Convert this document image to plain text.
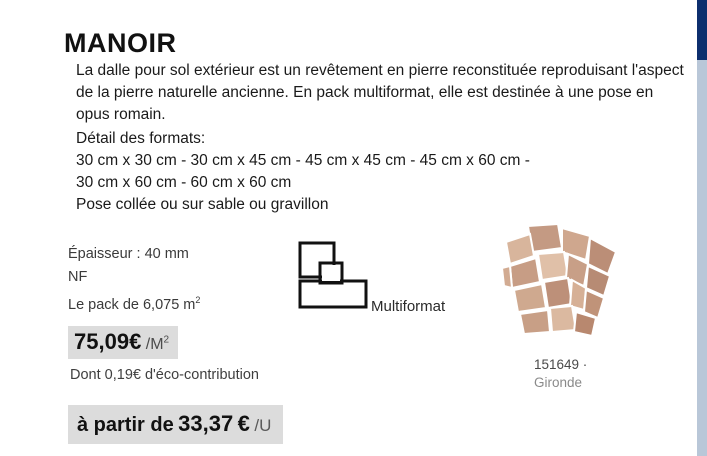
MANOIR

La dalle pour sol extérieur est un revêtement en pierre reconstituée reproduisant l'aspect de la pierre naturelle ancienne. En pack multiformat, elle est destinée à une pose en opus romain.

Détail des formats:

30 cm x 30 cm - 30 cm x 45 cm - 45 cm x 45 cm - 45 cm x 60 cm -

30 cm x 60 cm - 60 cm x 60 cm

Pose collée ou sur sable ou gravillon

Épaisseur : 40 mm
NF
Le pack de 6,075 $m^2$
75,09€ $/M^2$
Dont 0,19€ d'éco-contribution
à partir de 33,37 € /U
Multiformat
151649 ·
Gironde
